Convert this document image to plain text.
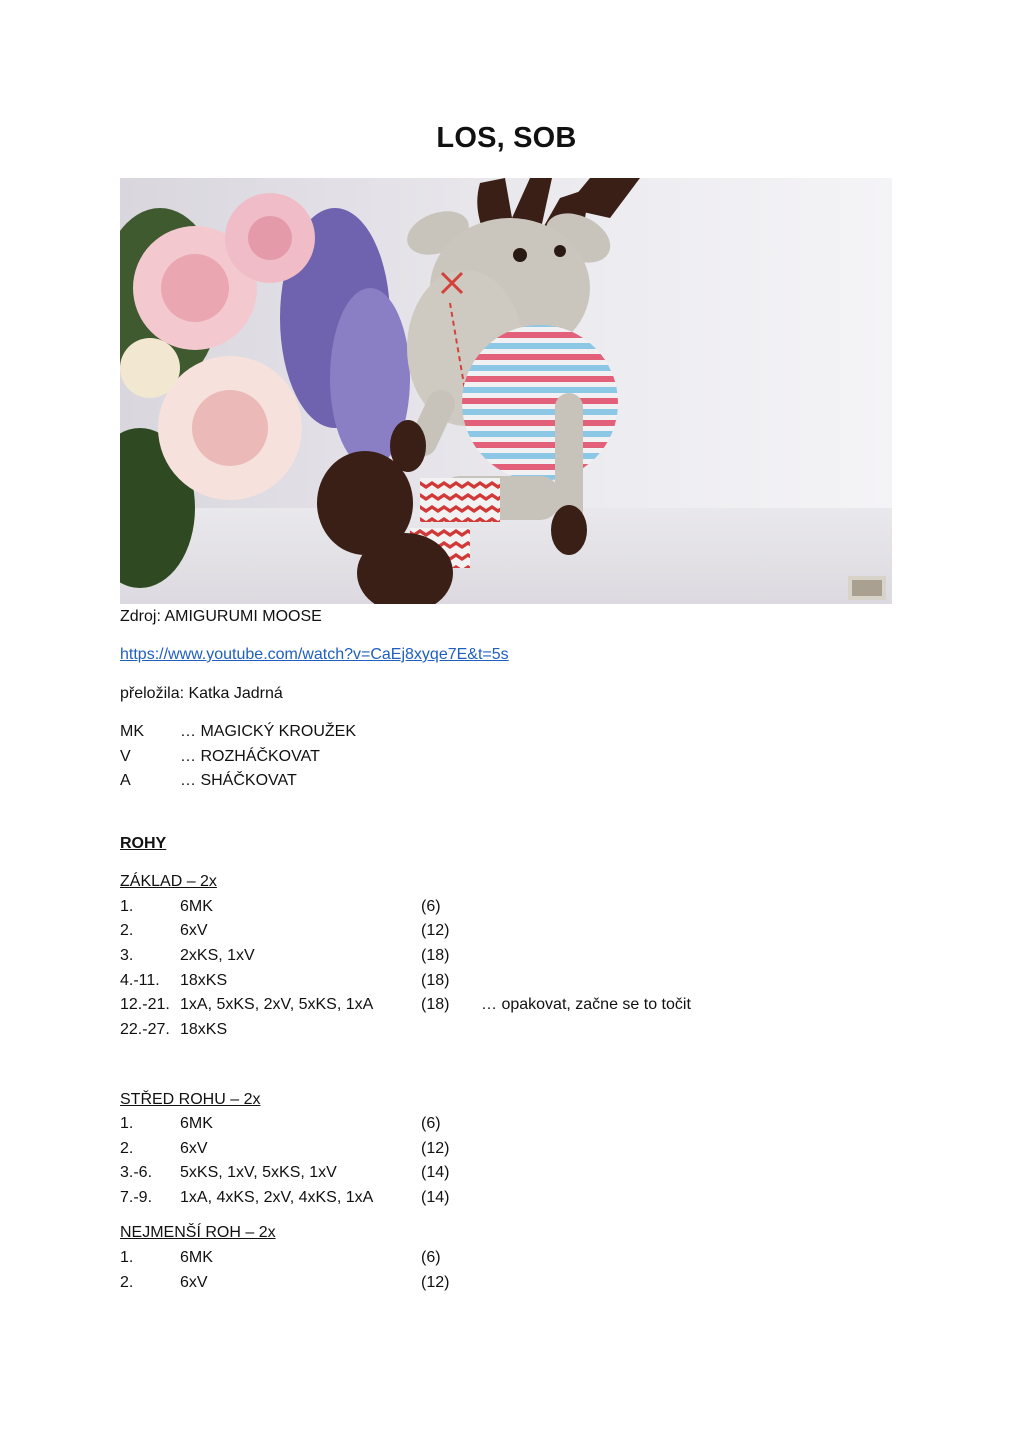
LOS, SOB
Zdroj: AMIGURUMI MOOSE
https://www.youtube.com/watch?v=CaEj8xyqe7E&t=5s
přeložila: Katka Jadrná
MK … MAGICKÝ KROUŽEK
V	… ROZHÁČKOVAT
A	… SHÁČKOVAT
ROHY
ZÁKLAD – 2x
1.	6MK	(6)
2.	6xV	(12)
3.	2xKS, 1xV	(18)
4.-11. 18xKS	(18)
12.-21. 1xA, 5xKS, 2xV, 5xKS, 1xA	(18) … opakovat, začne se to točit
22.-27. 18xKS
STŘED ROHU – 2x
1.	6MK	(6)
2.	6xV	(12)
3.-6. 5xKS, 1xV, 5xKS, 1xV	(14)
7.-9. 1xA, 4xKS, 2xV, 4xKS, 1xA	(14)
NEJMENŠÍ ROH – 2x
1.	6MK	(6)
2.	6xV	(12)
